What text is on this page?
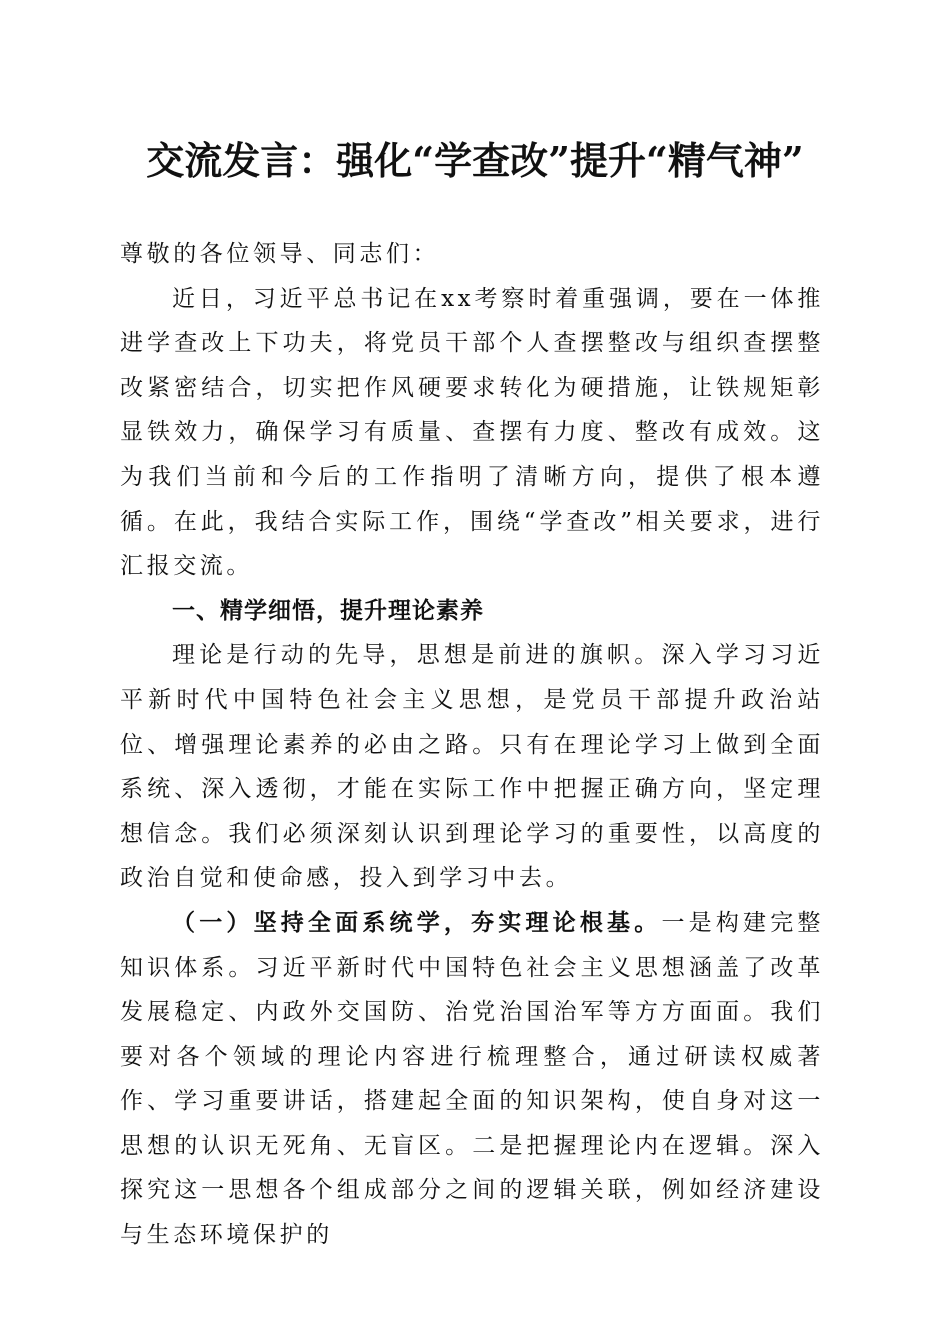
交流发言：强化“学查改”提升“精气神”

尊敬的各位领导、同志们：

近日，习近平总书记在xx考察时着重强调，要在一体推进学查改上下功夫，将党员干部个人查摆整改与组织查摆整改紧密结合，切实把作风硬要求转化为硬措施，让铁规矩彰显铁效力，确保学习有质量、查摆有力度、整改有成效。这为我们当前和今后的工作指明了清晰方向，提供了根本遵循。在此，我结合实际工作，围绕“学查改”相关要求，进行汇报交流。

一、精学细悟，提升理论素养

理论是行动的先导，思想是前进的旗帜。深入学习习近平新时代中国特色社会主义思想，是党员干部提升政治站位、增强理论素养的必由之路。只有在理论学习上做到全面系统、深入透彻，才能在实际工作中把握正确方向，坚定理想信念。我们必须深刻认识到理论学习的重要性，以高度的政治自觉和使命感，投入到学习中去。

（一）坚持全面系统学，夯实理论根基。一是构建完整知识体系。习近平新时代中国特色社会主义思想涵盖了改革发展稳定、内政外交国防、治党治国治军等方方面面。我们要对各个领域的理论内容进行梳理整合，通过研读权威著作、学习重要讲话，搭建起全面的知识架构，使自身对这一思想的认识无死角、无盲区。二是把握理论内在逻辑。深入探究这一思想各个组成部分之间的逻辑关联，例如经济建设与生态环境保护的
